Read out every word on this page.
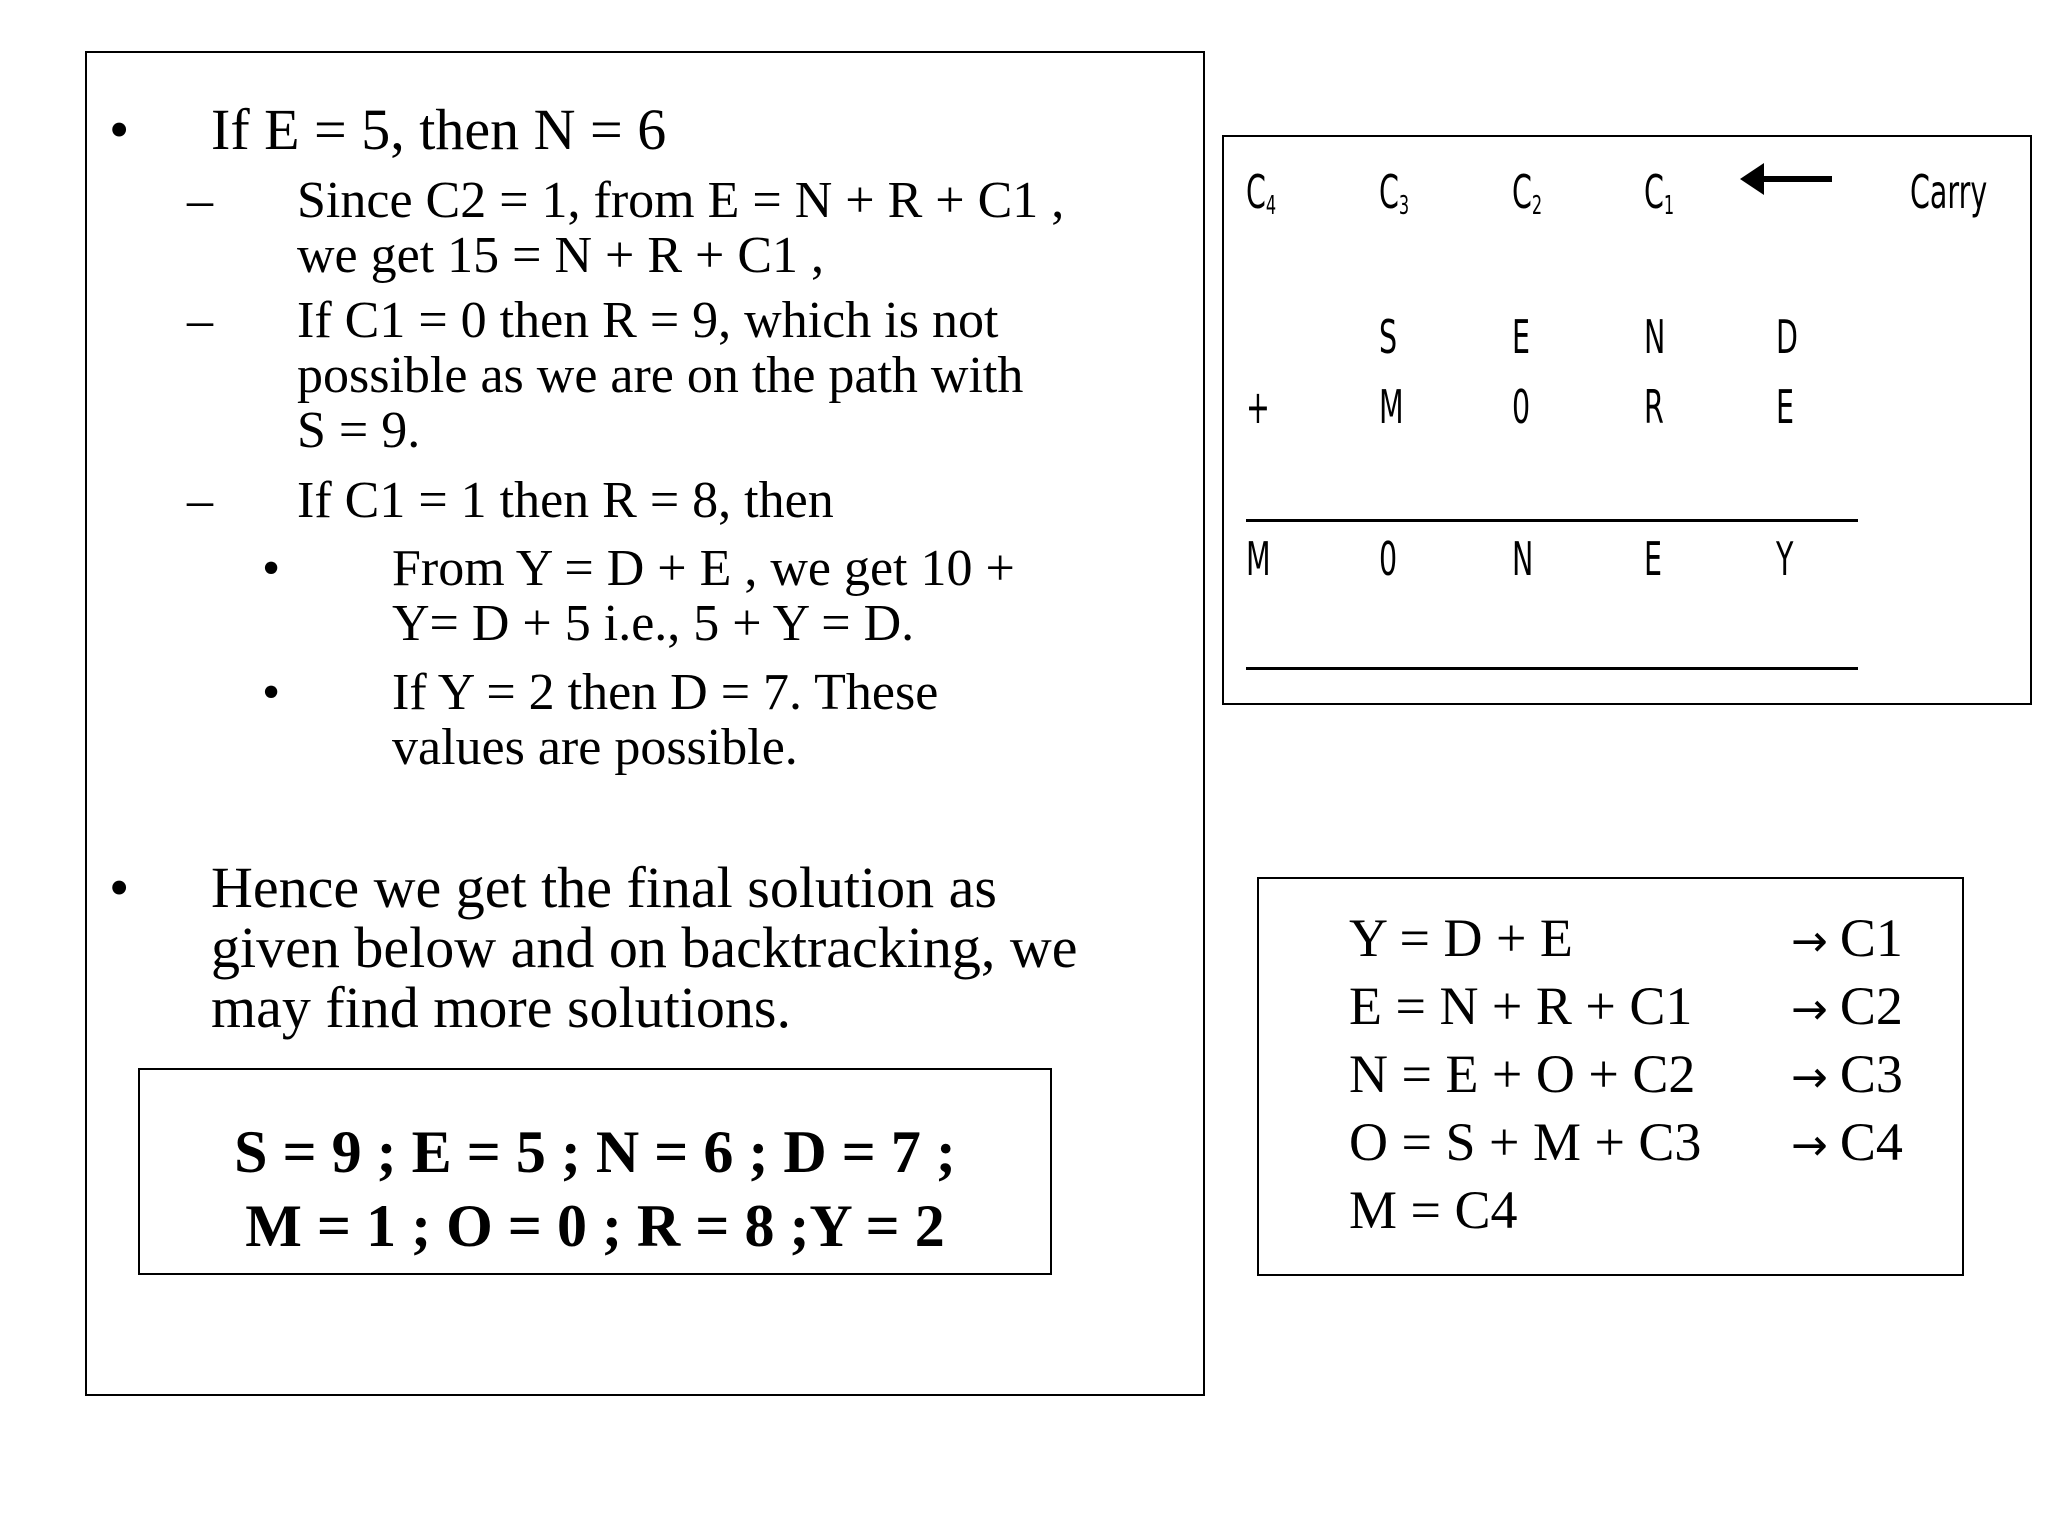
• If E = 5, then N = 6
– Since C2 = 1, from E = N + R + C1 ,
we get 15 = N + R + C1 ,
– If C1 = 0 then R = 9, which is not
possible as we are on the path with
S = 9.
– If C1 = 1 then R = 8, then
• From Y = D + E , we get 10 +
Y= D + 5 i.e., 5 + Y = D.
• If Y = 2 then D = 7. These
values are possible.
• Hence we get the final solution as
given below and on backtracking, we
may find more solutions.
S = 9 ; E = 5 ; N = 6 ; D = 7 ;
M = 1 ; O = 0 ; R = 8 ;Y = 2
$C_4$ $C_3$ $C_2$ $C_1$	Carry
S E N D
+ M 0 R E
M 0 N E Y
Y = D + E	→ C1
E = N + R + C1 → C2
N = E + O + C2 → C3
O = S + M + C3 → C4
M = C4
